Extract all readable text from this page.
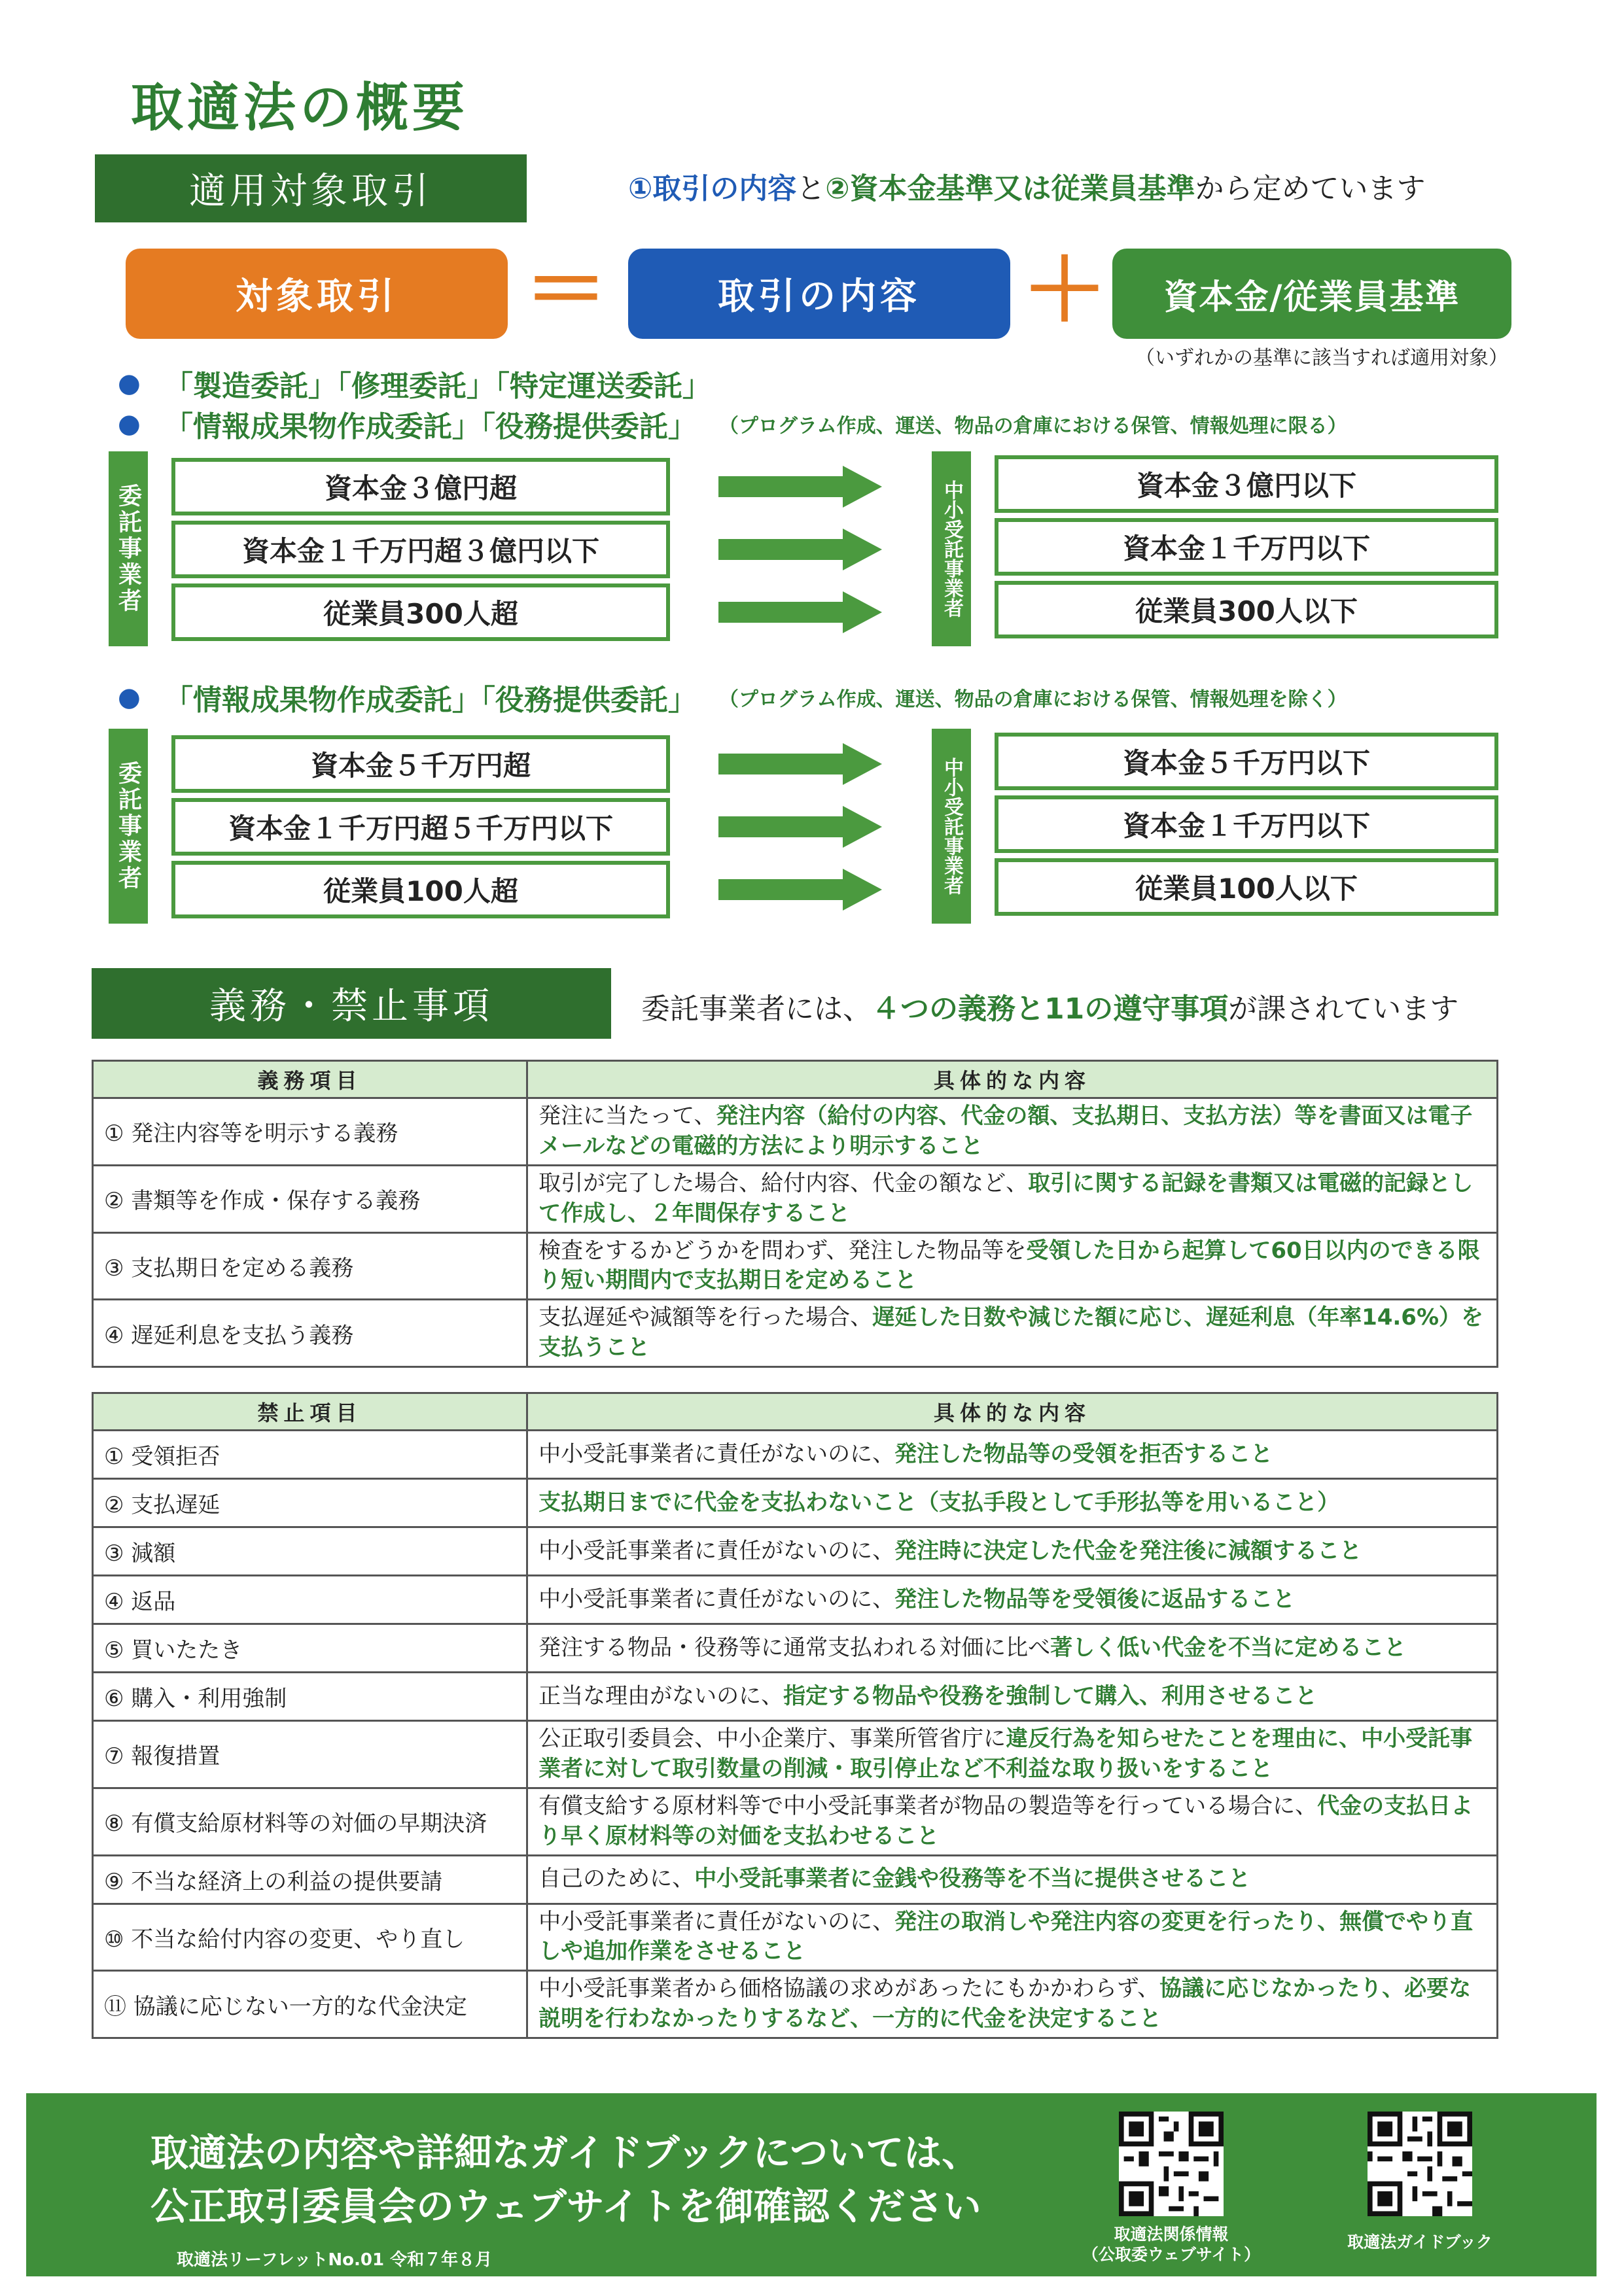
取適法の概要
適用対象取引	①取引の内容と②資本金基準又は従業員基準から定めています
対象取引	＝	取引の内容	＋	資本金/従業員基準
（いずれかの基準に該当すれば適用対象）
● 「製造委託」「修理委託」「特定運送委託」
● 「情報成果物作成委託」「役務提供委託」 （プログラム作成、運送、物品の倉庫における保管、情報処理に限る）
委託事業者	資本金３億円超
資本金１千万円超３億円以下
従業員300人超	中小受託事業者	資本金３億円以下
資本金１千万円以下
従業員300人以下
● 「情報成果物作成委託」「役務提供委託」 （プログラム作成、運送、物品の倉庫における保管、情報処理を除く）
委託事業者	資本金５千万円超
資本金１千万円超５千万円以下
従業員100人超	中小受託事業者	資本金５千万円以下
資本金１千万円以下
従業員100人以下
義務・禁止事項	委託事業者には、４つの義務と11の遵守事項が課されています
義務項目	具体的な内容
① 発注内容等を明示する義務	発注に当たって、発注内容（給付の内容、代金の額、支払期日、支払方法）等を書面又は電子メールなどの電磁的方法により明示すること
② 書類等を作成・保存する義務	取引が完了した場合、給付内容、代金の額など、取引に関する記録を書類又は電磁的記録として作成し、２年間保存すること
③ 支払期日を定める義務	検査をするかどうかを問わず、発注した物品等を受領した日から起算して60日以内のできる限り短い期間内で支払期日を定めること
④ 遅延利息を支払う義務	支払遅延や減額等を行った場合、遅延した日数や減じた額に応じ、遅延利息（年率14.6%）を支払うこと
禁止項目	具体的な内容
① 受領拒否	中小受託事業者に責任がないのに、発注した物品等の受領を拒否すること
② 支払遅延	支払期日までに代金を支払わないこと（支払手段として手形払等を用いること）
③ 減額	中小受託事業者に責任がないのに、発注時に決定した代金を発注後に減額すること
④ 返品	中小受託事業者に責任がないのに、発注した物品等を受領後に返品すること
⑤ 買いたたき	発注する物品・役務等に通常支払われる対価に比べ著しく低い代金を不当に定めること
⑥ 購入・利用強制	正当な理由がないのに、指定する物品や役務を強制して購入、利用させること
⑦ 報復措置	公正取引委員会、中小企業庁、事業所管省庁に違反行為を知らせたことを理由に、中小受託事業者に対して取引数量の削減・取引停止など不利益な取り扱いをすること
⑧ 有償支給原材料等の対価の早期決済	有償支給する原材料等で中小受託事業者が物品の製造等を行っている場合に、代金の支払日より早く原材料等の対価を支払わせること
⑨ 不当な経済上の利益の提供要請	自己のために、中小受託事業者に金銭や役務等を不当に提供させること
⑩ 不当な給付内容の変更、やり直し	中小受託事業者に責任がないのに、発注の取消しや発注内容の変更を行ったり、無償でやり直しや追加作業をさせること
⑪ 協議に応じない一方的な代金決定	中小受託事業者から価格協議の求めがあったにもかかわらず、協議に応じなかったり、必要な説明を行わなかったりするなど、一方的に代金を決定すること
取適法の内容や詳細なガイドブックについては、
公正取引委員会のウェブサイトを御確認ください
取適法リーフレットNo.01 令和７年８月
取適法関係情報
（公取委ウェブサイト）
取適法ガイドブック
